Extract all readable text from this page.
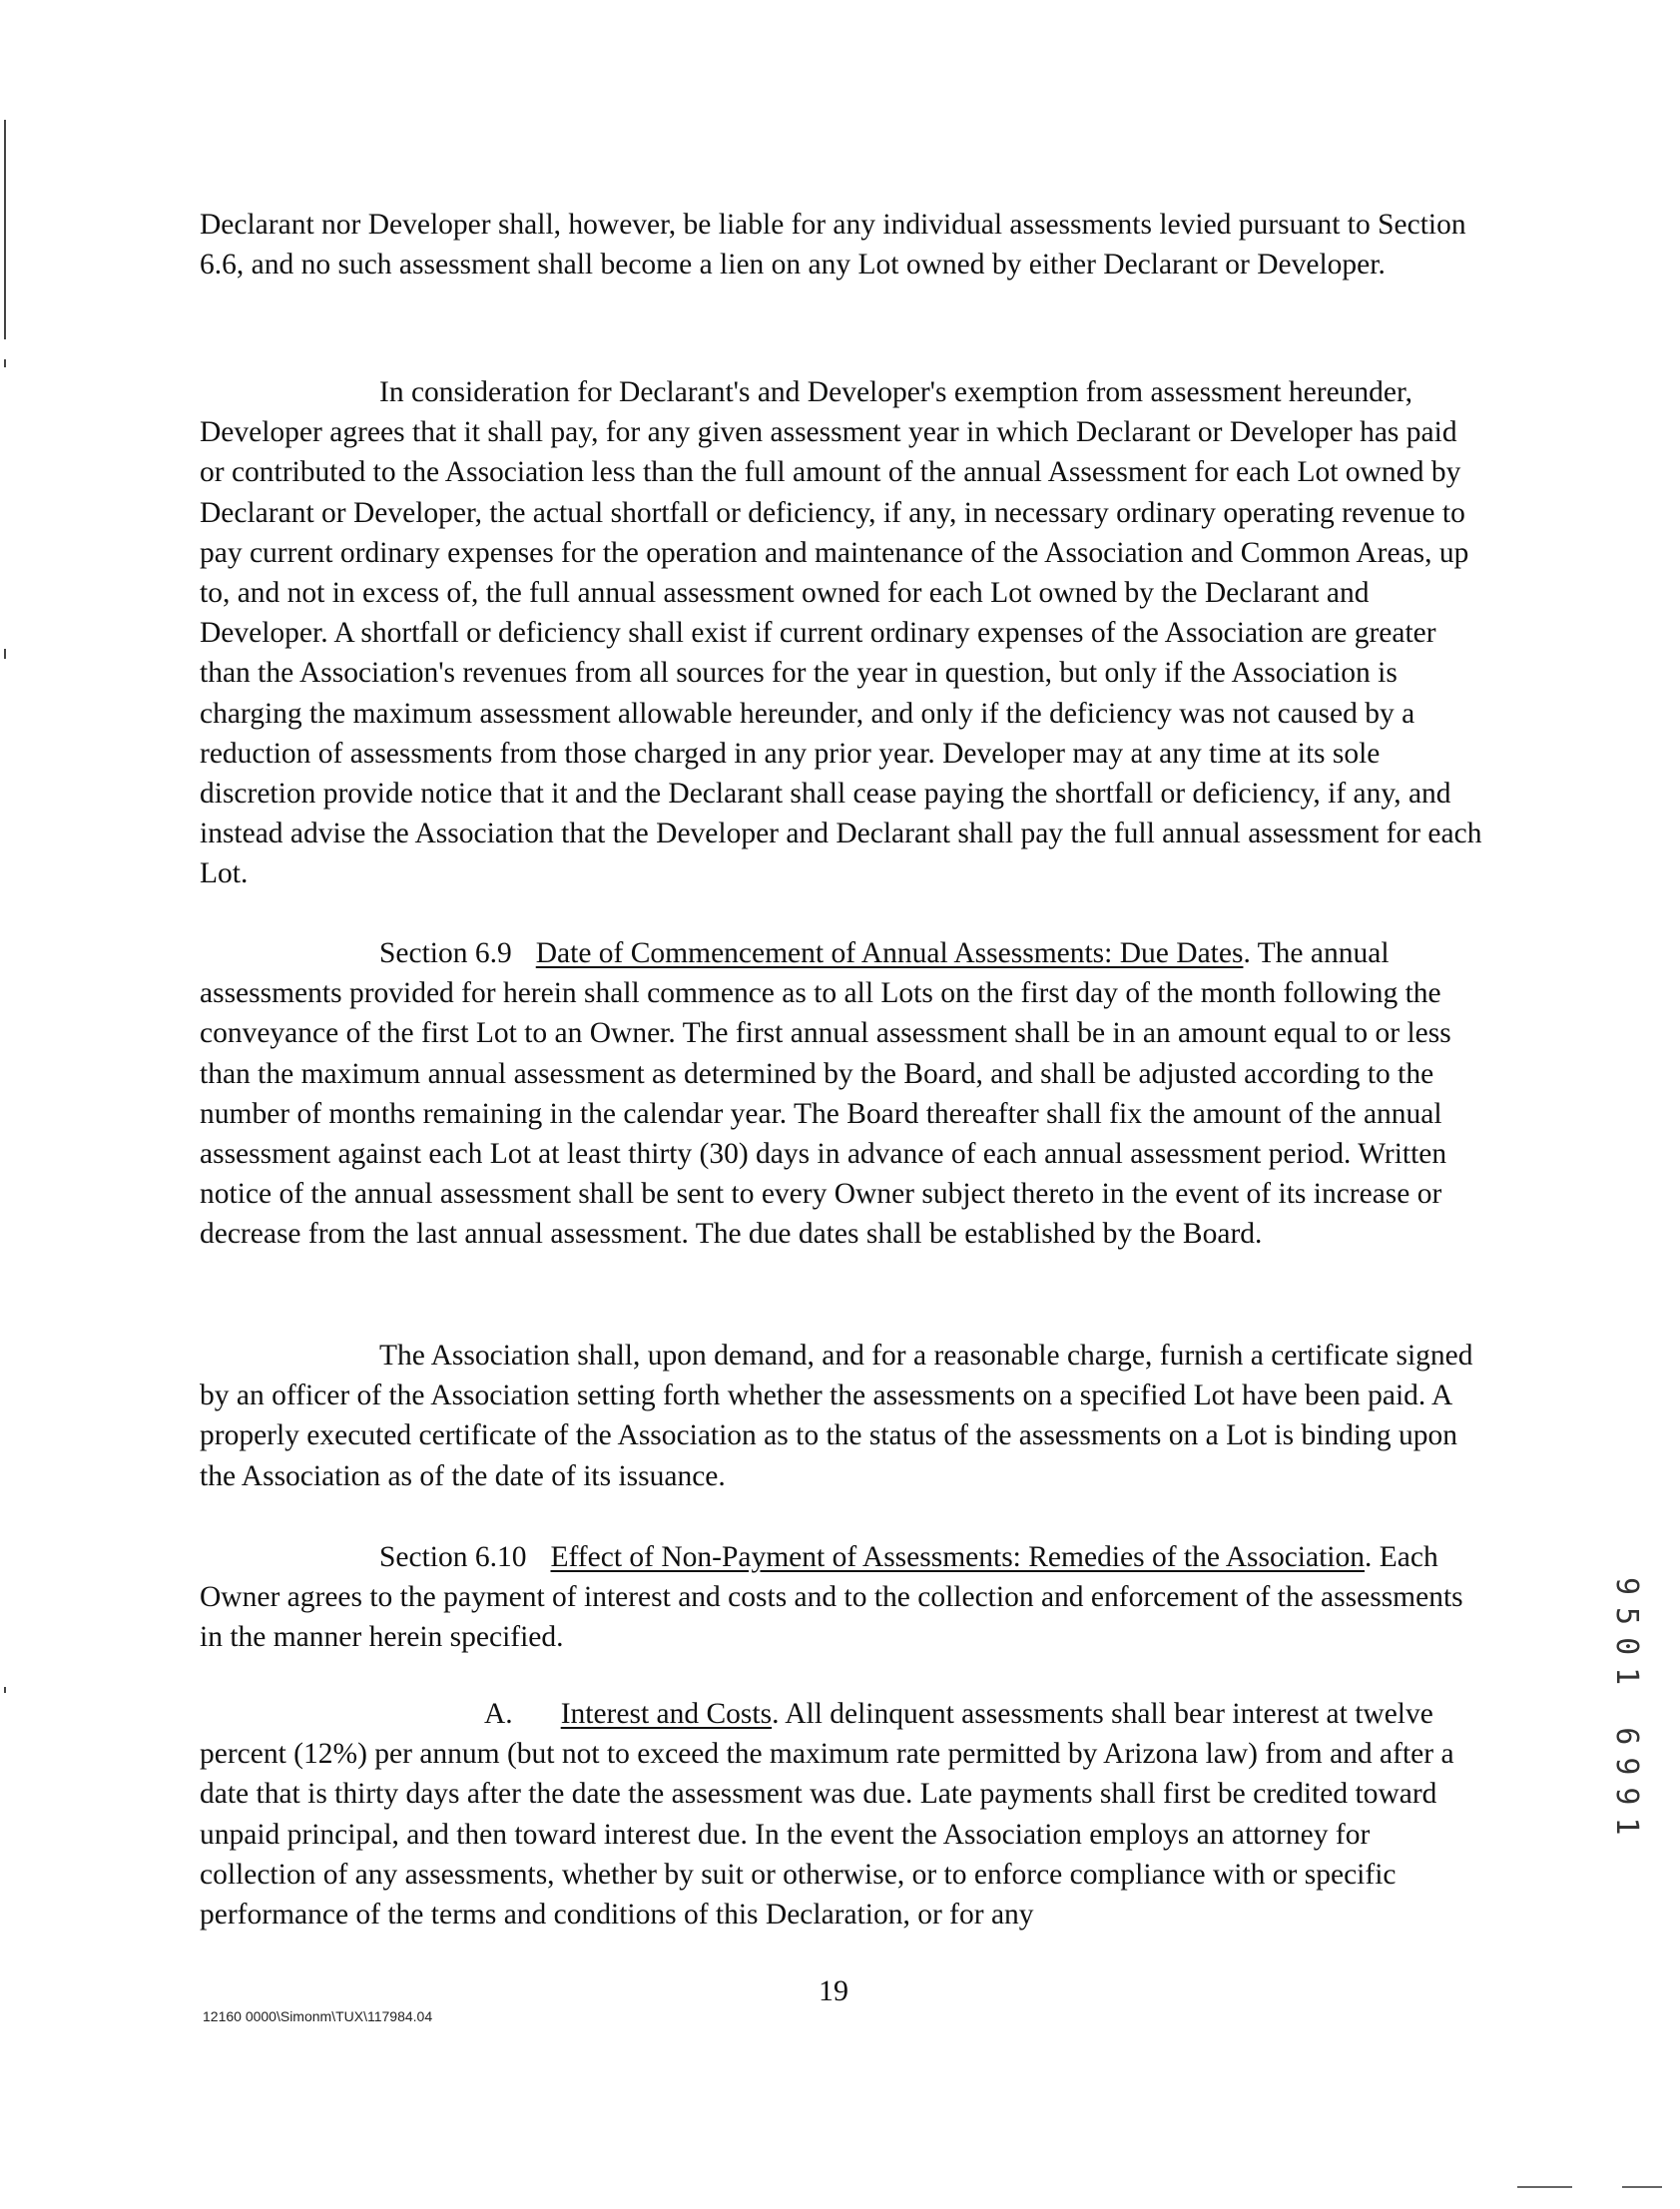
Declarant nor Developer shall, however, be liable for any individual assessments levied pursuant to Section 6.6, and no such assessment shall become a lien on any Lot owned by either Declarant or Developer.

In consideration for Declarant's and Developer's exemption from assessment hereunder, Developer agrees that it shall pay, for any given assessment year in which Declarant or Developer has paid or contributed to the Association less than the full amount of the annual Assessment for each Lot owned by Declarant or Developer, the actual shortfall or deficiency, if any, in necessary ordinary operating revenue to pay current ordinary expenses for the operation and maintenance of the Association and Common Areas, up to, and not in excess of, the full annual assessment owned for each Lot owned by the Declarant and Developer. A shortfall or deficiency shall exist if current ordinary expenses of the Association are greater than the Association's revenues from all sources for the year in question, but only if the Association is charging the maximum assessment allowable hereunder, and only if the deficiency was not caused by a reduction of assessments from those charged in any prior year. Developer may at any time at its sole discretion provide notice that it and the Declarant shall cease paying the shortfall or deficiency, if any, and instead advise the Association that the Developer and Declarant shall pay the full annual assessment for each Lot.

Section 6.9 Date of Commencement of Annual Assessments: Due Dates. The annual assessments provided for herein shall commence as to all Lots on the first day of the month following the conveyance of the first Lot to an Owner. The first annual assessment shall be in an amount equal to or less than the maximum annual assessment as determined by the Board, and shall be adjusted according to the number of months remaining in the calendar year. The Board thereafter shall fix the amount of the annual assessment against each Lot at least thirty (30) days in advance of each annual assessment period. Written notice of the annual assessment shall be sent to every Owner subject thereto in the event of its increase or decrease from the last annual assessment. The due dates shall be established by the Board.

The Association shall, upon demand, and for a reasonable charge, furnish a certificate signed by an officer of the Association setting forth whether the assessments on a specified Lot have been paid. A properly executed certificate of the Association as to the status of the assessments on a Lot is binding upon the Association as of the date of its issuance.

Section 6.10 Effect of Non-Payment of Assessments: Remedies of the Association. Each Owner agrees to the payment of interest and costs and to the collection and enforcement of the assessments in the manner herein specified.

A. Interest and Costs. All delinquent assessments shall bear interest at twelve percent (12%) per annum (but not to exceed the maximum rate permitted by Arizona law) from and after a date that is thirty days after the date the assessment was due. Late payments shall first be credited toward unpaid principal, and then toward interest due. In the event the Association employs an attorney for collection of any assessments, whether by suit or otherwise, or to enforce compliance with or specific performance of the terms and conditions of this Declaration, or for any

19
12160 0000\Simonm\TUX\117984.04
9501 6991
